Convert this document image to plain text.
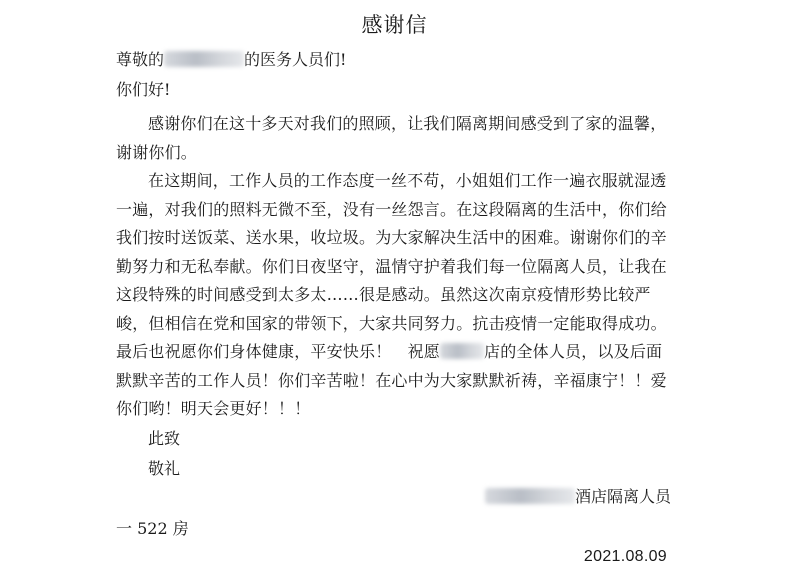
感谢信
尊敬的	的医务人员们!
你们好!

感谢你们在这十多天对我们的照顾，让我们隔离期间感受到了家的温馨，谢谢你们。

在这期间，工作人员的工作态度一丝不苟，小姐姐们工作一遍衣服就湿透一遍，对我们的照料无微不至，没有一丝怨言。在这段隔离的生活中，你们给我们按时送饭菜、送水果，收垃圾。为大家解决生活中的困难。谢谢你们的辛勤努力和无私奉献。你们日夜坚守，温情守护着我们每一位隔离人员，让我在这段特殊的时间感受到太多太……很是感动。虽然这次南京疫情形势比较严峻，但相信在党和国家的带领下，大家共同努力。抗击疫情一定能取得成功。最后也祝愿你们身体健康，平安快乐！　祝愿	店的全体人员，以及后面默默辛苦的工作人员！你们辛苦啦！在心中为大家默默祈祷，辛福康宁！！爱你们哟！明天会更好！！！

此致
敬礼
酒店隔离人员
一 522 房
2021.08.09
